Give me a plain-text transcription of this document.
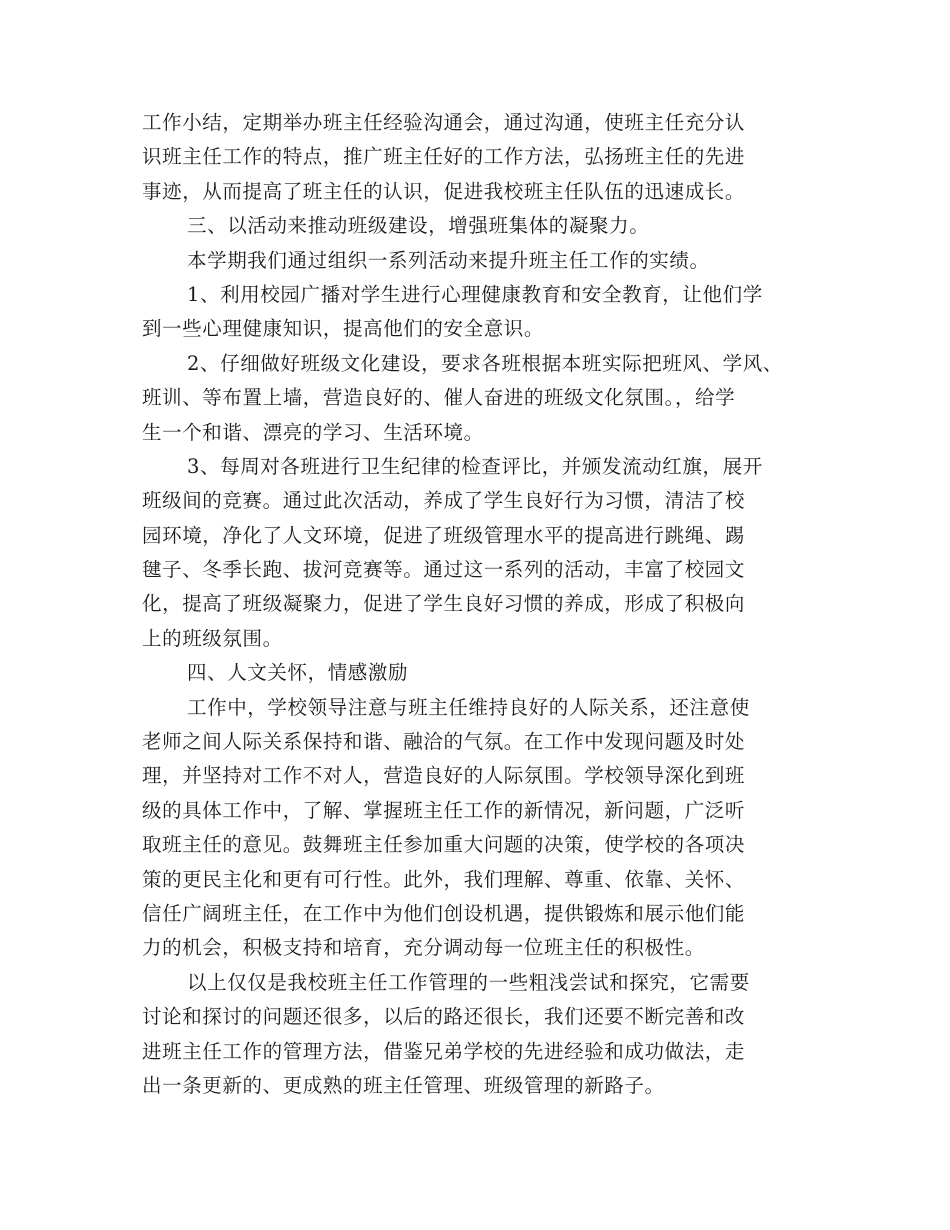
工作小结，定期举办班主任经验沟通会，通过沟通，使班主任充分认
识班主任工作的特点，推广班主任好的工作方法，弘扬班主任的先进
事迹，从而提高了班主任的认识，促进我校班主任队伍的迅速成长。
三、以活动来推动班级建设，增强班集体的凝聚力。
本学期我们通过组织一系列活动来提升班主任工作的实绩。
1、利用校园广播对学生进行心理健康教育和安全教育，让他们学
到一些心理健康知识，提高他们的安全意识。
2、仔细做好班级文化建设，要求各班根据本班实际把班风、学风、
班训、等布置上墙，营造良好的、催人奋进的班级文化氛围。，给学
生一个和谐、漂亮的学习、生活环境。
3、每周对各班进行卫生纪律的检查评比，并颁发流动红旗，展开
班级间的竞赛。通过此次活动，养成了学生良好行为习惯，清洁了校
园环境，净化了人文环境，促进了班级管理水平的提高进行跳绳、踢
毽子、冬季长跑、拔河竞赛等。通过这一系列的活动，丰富了校园文
化，提高了班级凝聚力，促进了学生良好习惯的养成，形成了积极向
上的班级氛围。
四、人文关怀，情感激励
工作中，学校领导注意与班主任维持良好的人际关系，还注意使
老师之间人际关系保持和谐、融洽的气氛。在工作中发现问题及时处
理，并坚持对工作不对人，营造良好的人际氛围。学校领导深化到班
级的具体工作中，了解、掌握班主任工作的新情况，新问题，广泛听
取班主任的意见。鼓舞班主任参加重大问题的决策，使学校的各项决
策的更民主化和更有可行性。此外，我们理解、尊重、依靠、关怀、
信任广阔班主任，在工作中为他们创设机遇，提供锻炼和展示他们能
力的机会，积极支持和培育，充分调动每一位班主任的积极性。
以上仅仅是我校班主任工作管理的一些粗浅尝试和探究，它需要
讨论和探讨的问题还很多，以后的路还很长，我们还要不断完善和改
进班主任工作的管理方法，借鉴兄弟学校的先进经验和成功做法，走
出一条更新的、更成熟的班主任管理、班级管理的新路子。
